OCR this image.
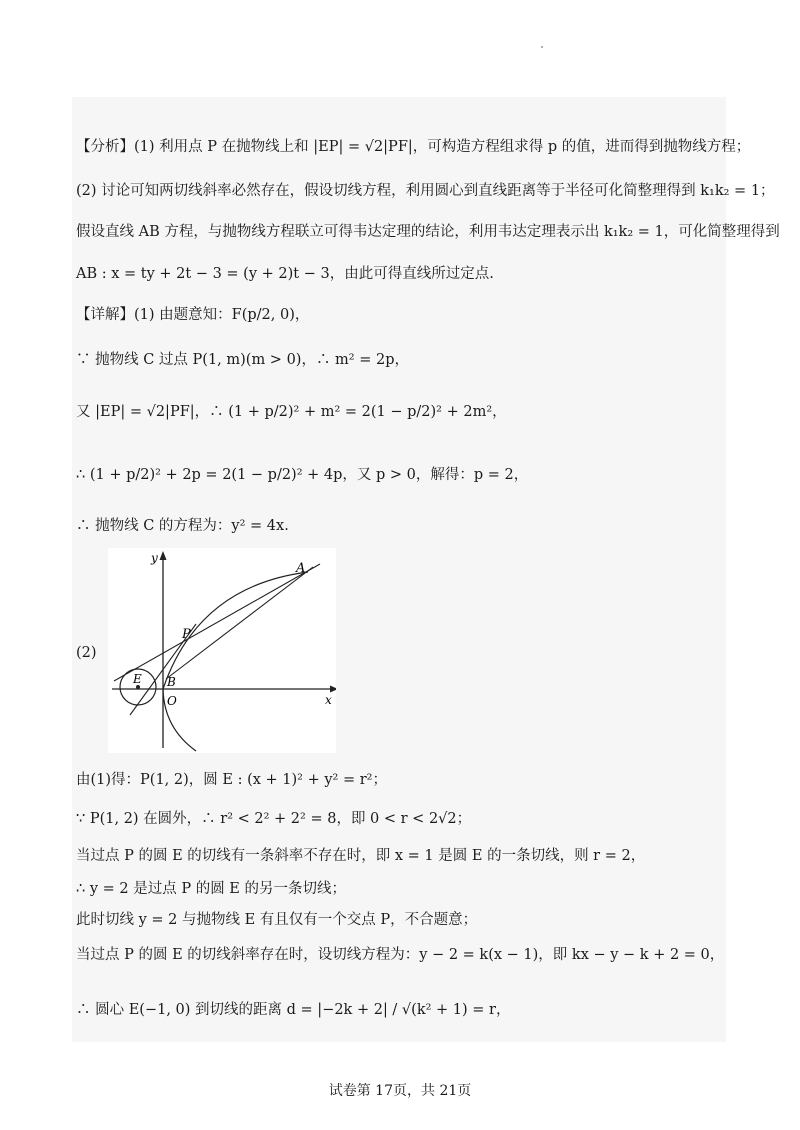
【分析】(1) 利用点 P 在抛物线上和 |EP| = √2|PF|，可构造方程组求得 p 的值，进而得到抛物线方程；
(2) 讨论可知两切线斜率必然存在，假设切线方程，利用圆心到直线距离等于半径可化简整理得到 k₁k₂ = 1；
假设直线 AB 方程，与抛物线方程联立可得韦达定理的结论，利用韦达定理表示出 k₁k₂ = 1，可化简整理得到
AB : x = ty + 2t − 3 = (y + 2)t − 3，由此可得直线所过定点.
【详解】(1) 由题意知：F(p/2, 0)，
∵ 抛物线 C 过点 P(1, m)(m > 0)，∴ m² = 2p，
又 |EP| = √2|PF|，∴ (1 + p/2)² + m² = 2(1 − p/2)² + 2m²，
∴ (1 + p/2)² + 2p = 2(1 − p/2)² + 4p，又 p > 0，解得：p = 2，
∴ 抛物线 C 的方程为：y² = 4x.
(2)
A
P
B
E
O	x
y
由(1)得：P(1, 2)，圆 E : (x + 1)² + y² = r²；
∵ P(1, 2) 在圆外，∴ r² < 2² + 2² = 8，即 0 < r < 2√2；
当过点 P 的圆 E 的切线有一条斜率不存在时，即 x = 1 是圆 E 的一条切线，则 r = 2，
∴ y = 2 是过点 P 的圆 E 的另一条切线；
此时切线 y = 2 与抛物线 E 有且仅有一个交点 P，不合题意；
当过点 P 的圆 E 的切线斜率存在时，设切线方程为：y − 2 = k(x − 1)，即 kx − y − k + 2 = 0，
∴ 圆心 E(−1, 0) 到切线的距离 d = |−2k + 2| / √(k² + 1) = r，
试卷第 17页，共 21页
